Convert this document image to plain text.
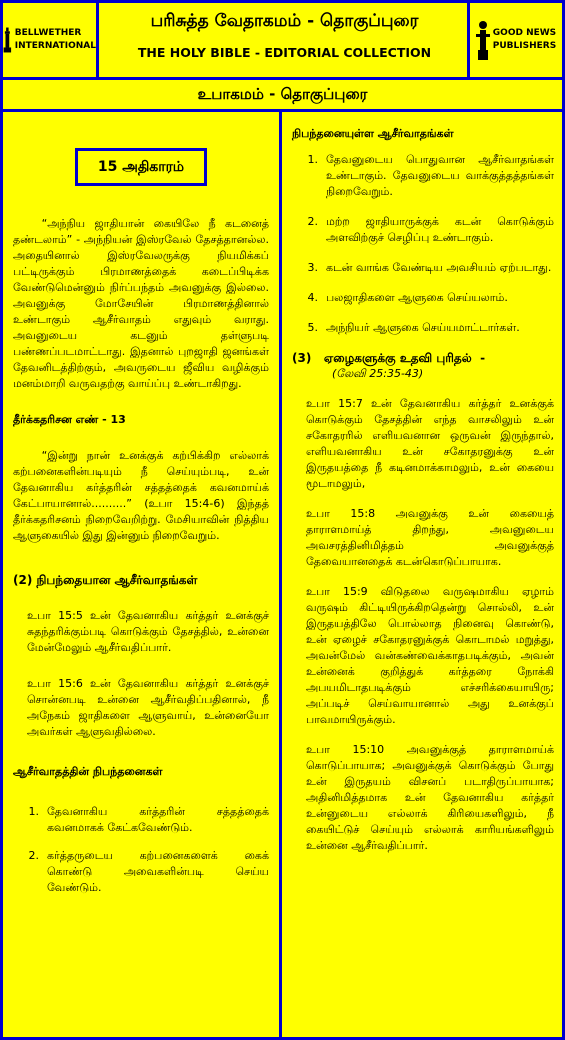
BELLWETHER
INTERNATIONAL
பரிசுத்த வேதாகமம் - தொகுப்புரை
THE HOLY BIBLE - EDITORIAL COLLECTION
GOOD NEWS
PUBLISHERS
உபாகமம் - தொகுப்புரை
15 அதிகாரம்

“அந்நிய ஜாதியான் கையிலே நீ கடனைத் தண்டலாம்” - அந்நியன் இஸ்ரவேல் தேசத்தானல்ல. அதையினால் இஸ்ரவேலருக்கு நியமிக்கப் பட்டிருக்கும் பிரமாணத்தைக் கடைப்பிடிக்க வேண்டுமென்னும் நிர்ப்பந்தம் அவனுக்கு இல்லை. அவனுக்கு மோசேயின் பிரமாணத்தினால் உண்டாகும் ஆசீர்வாதம் எதுவும் வராது. அவனுடைய கடனும் தள்ளுபடி பண்ணப்படமாட்டாது. இதனால் புறஜாதி ஜனங்கள் தேவனிடத்திற்கும், அவருடைய ஜீவிய வழிக்கும் மனம்மாறி வருவதற்கு வாய்ப்பு உண்டாகிறது.

தீர்க்கதரிசன எண் - 13

“இன்று நான் உனக்குக் கற்பிக்கிற எல்லாக் கற்பனைகளின்படியும் நீ செய்யும்படி, உன் தேவனாகிய கர்த்தரின் சத்தத்தைக் கவனமாய்க் கேட்பாயானால்..........” (உபா 15:4-6) இந்தத் தீர்க்கதரிசனம் நிறைவேறிற்று. மேசியாவின் நித்திய ஆளுகையில் இது இன்னும் நிறைவேறும்.

(2) நிபந்தையான ஆசீர்வாதங்கள்

உபா 15:5 உன் தேவனாகிய கர்த்தர் உனக்குச் சுதந்தரிக்கும்படி கொடுக்கும் தேசத்தில், உன்னை மேன்மேலும் ஆசீர்வதிப்பார்.

உபா 15:6 உன் தேவனாகிய கர்த்தர் உனக்குச் சொன்னபடி உன்னை ஆசீர்வதிப்பதினால், நீ அநேகம் ஜாதிகளை ஆளுவாய், உன்னையோ அவர்கள் ஆளுவதில்லை.

ஆசீர்வாதத்தின் நிபந்தனைகள்

1. தேவனாகிய கர்த்தரின் சத்தத்தைக் கவனமாகக் கேட்கவேண்டும்.
2. கர்த்தருடைய கற்பனைகளைக் கைக் கொண்டு அவைகளின்படி செய்ய வேண்டும்.

நிபந்தனையுள்ள ஆசீர்வாதங்கள்

1. தேவனுடைய பொதுவான ஆசீர்வாதங்கள் உண்டாகும். தேவனுடைய வாக்குத்தத்தங்கள் நிறைவேறும்.
2. மற்ற ஜாதியாருக்குக் கடன் கொடுக்கும் அளவிற்குச் செழிப்பு உண்டாகும்.
3. கடன் வாங்க வேண்டிய அவசியம் ஏற்படாது.
4. பலஜாதிகளை ஆளுகை செய்யலாம்.
5. அந்நியர் ஆளுகை செய்யமாட்டார்கள்.

(3) ஏழைகளுக்கு உதவி புரிதல்  -

(லேவி 25:35-43)

உபா 15:7 உன் தேவனாகிய கர்த்தர் உனக்குக் கொடுக்கும் தேசத்தின் எந்த வாசலிலும் உன் சகோதரரில் எளியவனான ஒருவன் இருந்தால், எளியவனாகிய உன் சகோதரனுக்கு உன் இருதயத்தை நீ கடினமாக்காமலும், உன் கையை மூடாமலும்,

உபா 15:8 அவனுக்கு உன் கையைத் தாராளமாய்த் திறந்து, அவனுடைய அவசரத்தினிமித்தம் அவனுக்குத் தேவையானதைக் கடன்கொடுப்பாயாக.

உபா 15:9 விடுதலை வருஷமாகிய ஏழாம் வருஷம் கிட்டியிருக்கிறதென்று சொல்லி, உன் இருதயத்திலே பொல்லாத நினைவு கொண்டு, உன் ஏழைச் சகோதரனுக்குக் கொடாமல் மறுத்து, அவன்மேல் வன்கண்வைக்காதபடிக்கும், அவன் உன்னைக் குறித்துக் கர்த்தரை நோக்கி அபயமிடாதபடிக்கும் எச்சரிக்கையாயிரு; அப்படிச் செய்வாயானால் அது உனக்குப் பாவமாயிருக்கும்.

உபா 15:10 அவனுக்குத் தாராளமாய்க் கொடுப்பாயாக; அவனுக்குக் கொடுக்கும் போது உன் இருதயம் விசனப் படாதிருப்பாயாக; அதினிமித்தமாக உன் தேவனாகிய கர்த்தர் உன்னுடைய எல்லாக் கிரியைகளிலும், நீ கையிட்டுச் செய்யும் எல்லாக் காரியங்களிலும் உன்னை ஆசீர்வதிப்பார்.
